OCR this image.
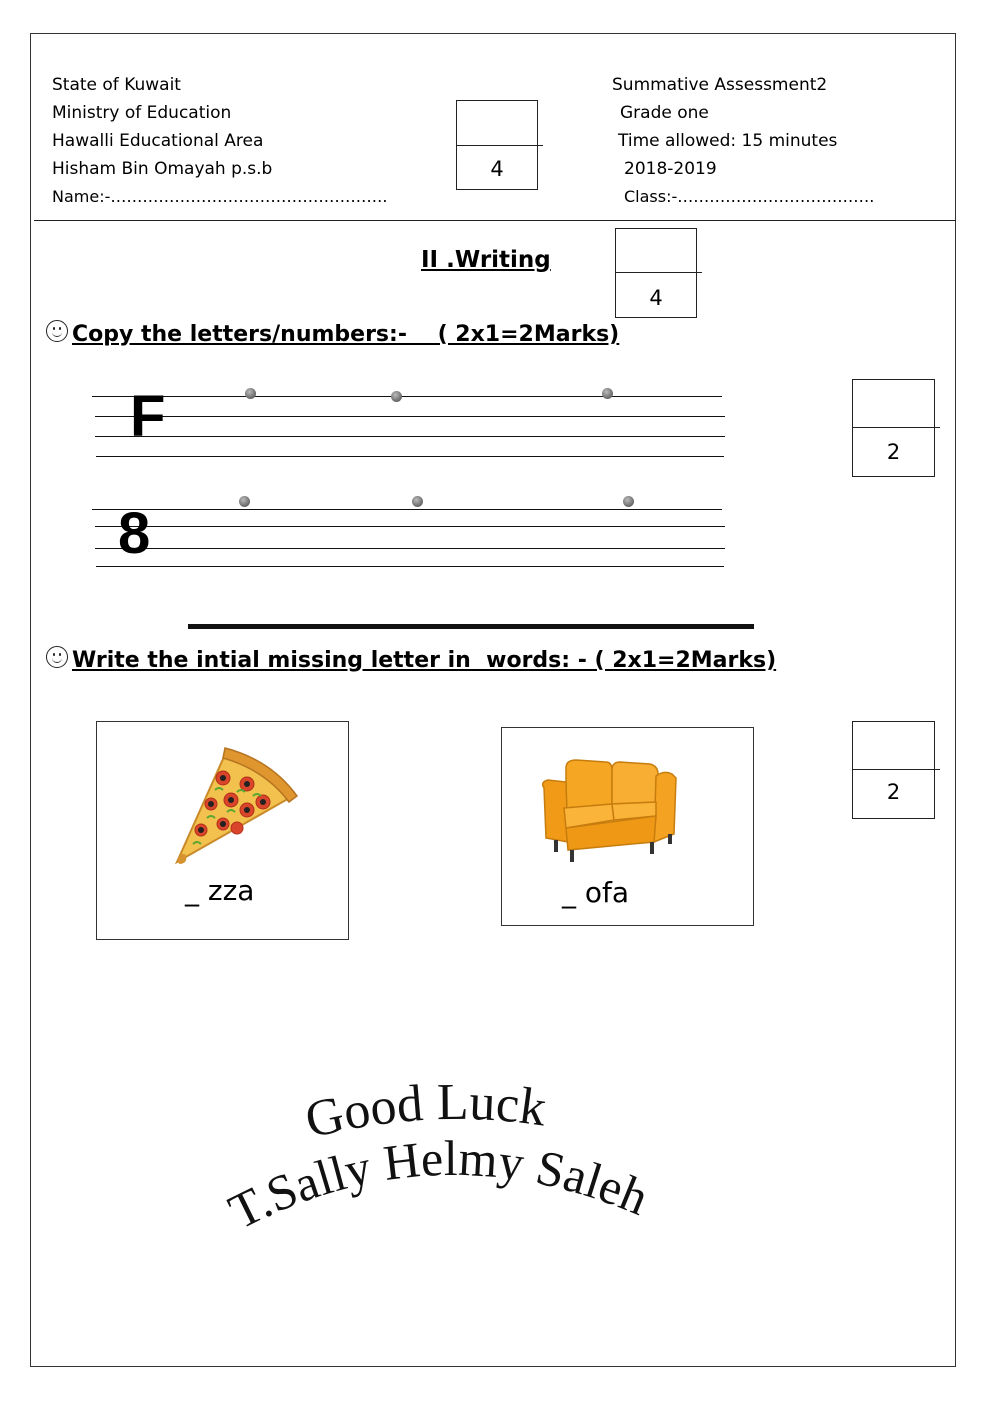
State of Kuwait
Ministry of Education
Hawalli Educational Area
Hisham Bin Omayah p.s.b
Name:-…………………………………………….
Summative Assessment2
Grade one
Time allowed: 15 minutes
2018-2019
Class:-……………………………….
4
II .Writing
4
Copy the letters/numbers:-    ( 2x1=2Marks)
2
F
8
Write the intial missing letter in  words: - ( 2x1=2Marks)
2
_ zza	_ ofa
Good Luck
T.Sally Helmy Saleh
